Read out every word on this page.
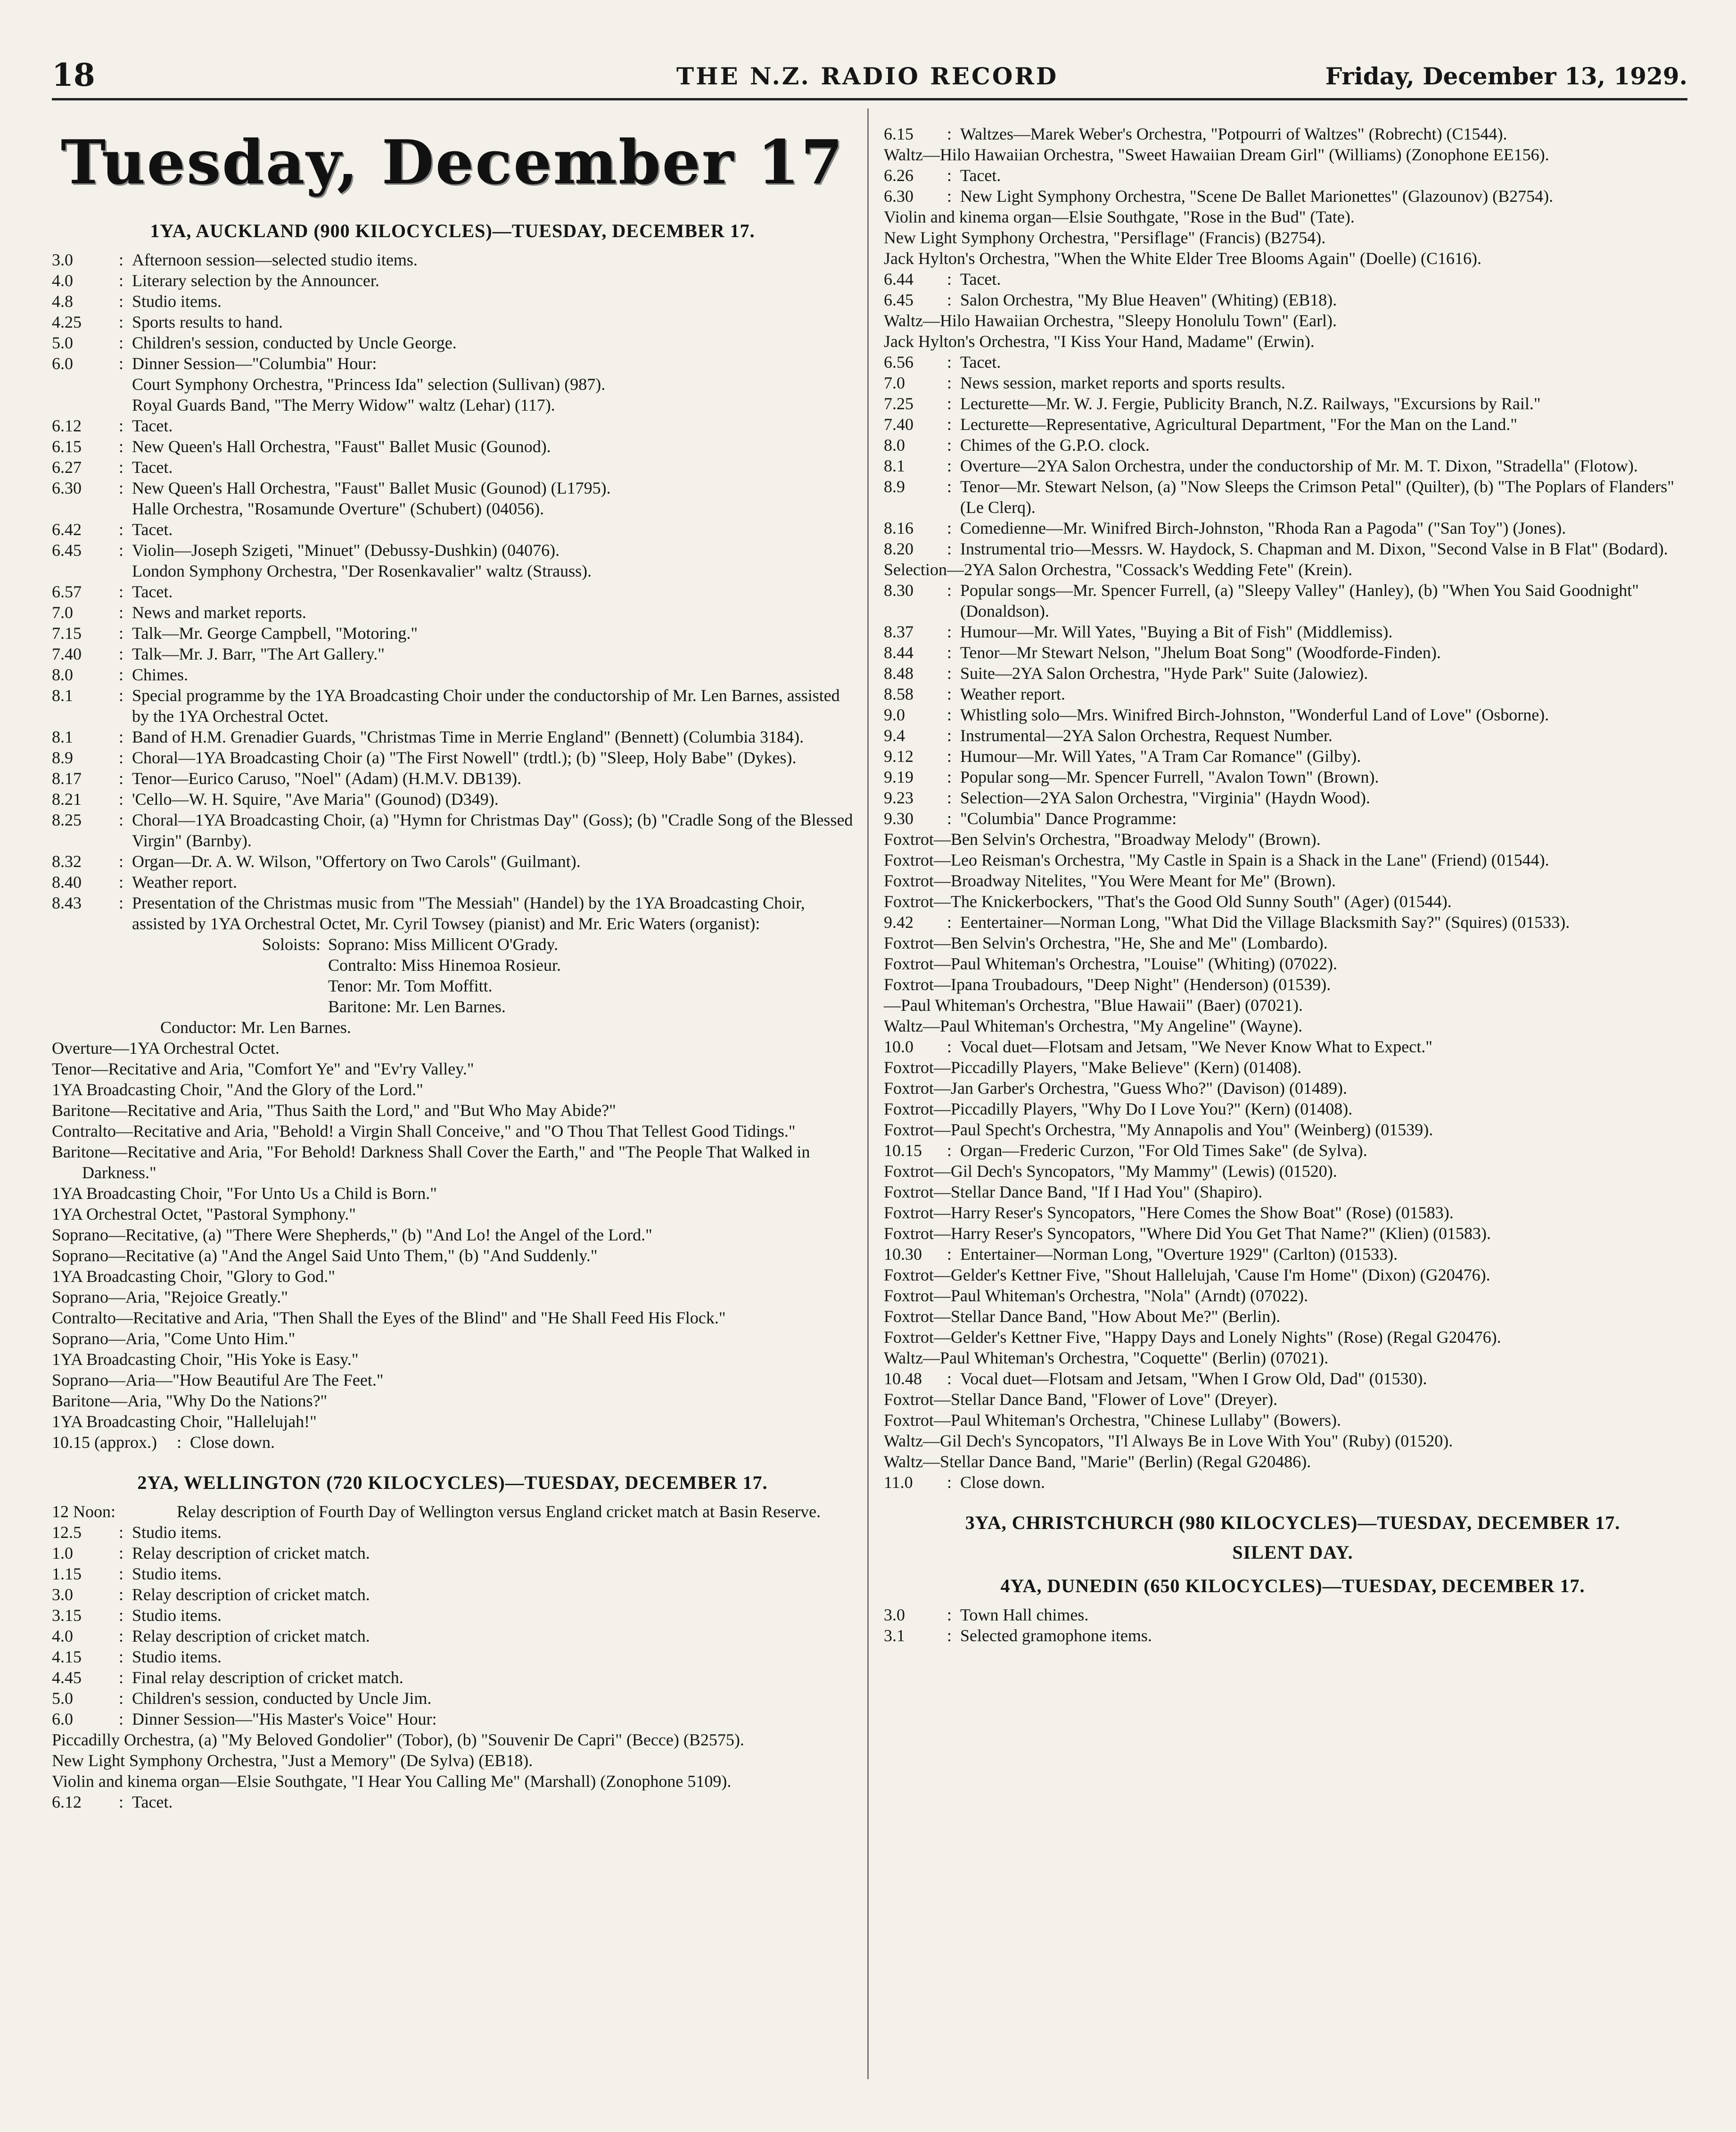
18	THE N.Z. RADIO RECORD	Friday, December 13, 1929.
Tuesday, December 17
1YA, AUCKLAND (900 KILOCYCLES)—TUESDAY, DECEMBER 17.
3.0	: Afternoon session—selected studio items.
4.0	: Literary selection by the Announcer.
4.8	: Studio items.
4.25	: Sports results to hand.
5.0	: Children's session, conducted by Uncle George.
6.0	: Dinner Session—"Columbia" Hour:
Court Symphony Orchestra, "Princess Ida" selection (Sullivan) (987).
Royal Guards Band, "The Merry Widow" waltz (Lehar) (117).
6.12	: Tacet.
6.15	: New Queen's Hall Orchestra, "Faust" Ballet Music (Gounod).
6.27	: Tacet.
6.30	: New Queen's Hall Orchestra, "Faust" Ballet Music (Gounod) (L1795).
Halle Orchestra, "Rosamunde Overture" (Schubert) (04056).
6.42	: Tacet.
6.45	: Violin—Joseph Szigeti, "Minuet" (Debussy-Dushkin) (04076).
London Symphony Orchestra, "Der Rosenkavalier" waltz (Strauss).
6.57	: Tacet.
7.0	: News and market reports.
7.15	: Talk—Mr. George Campbell, "Motoring."
7.40	: Talk—Mr. J. Barr, "The Art Gallery."
8.0	: Chimes.
8.1	: Special programme by the 1YA Broadcasting Choir under the conductorship of Mr. Len Barnes, assisted by the 1YA Orchestral Octet.
8.1	: Band of H.M. Grenadier Guards, "Christmas Time in Merrie England" (Bennett) (Columbia 3184).
8.9	: Choral—1YA Broadcasting Choir (a) "The First Nowell" (trdtl.); (b) "Sleep, Holy Babe" (Dykes).
8.17	: Tenor—Eurico Caruso, "Noel" (Adam) (H.M.V. DB139).
8.21	: 'Cello—W. H. Squire, "Ave Maria" (Gounod) (D349).
8.25	: Choral—1YA Broadcasting Choir, (a) "Hymn for Christmas Day" (Goss); (b) "Cradle Song of the Blessed Virgin" (Barnby).
8.32	: Organ—Dr. A. W. Wilson, "Offertory on Two Carols" (Guilmant).
8.40	: Weather report.
8.43	: Presentation of the Christmas music from "The Messiah" (Handel) by the 1YA Broadcasting Choir, assisted by 1YA Orchestral Octet, Mr. Cyril Towsey (pianist) and Mr. Eric Waters (organist):
Soloists: Soprano: Miss Millicent O'Grady.
Contralto: Miss Hinemoa Rosieur.
Tenor: Mr. Tom Moffitt.
Baritone: Mr. Len Barnes.
Conductor: Mr. Len Barnes.
Overture—1YA Orchestral Octet.
Tenor—Recitative and Aria, "Comfort Ye" and "Ev'ry Valley."
1YA Broadcasting Choir, "And the Glory of the Lord."
Baritone—Recitative and Aria, "Thus Saith the Lord," and "But Who May Abide?"
Contralto—Recitative and Aria, "Behold! a Virgin Shall Conceive," and "O Thou That Tellest Good Tidings."
Baritone—Recitative and Aria, "For Behold! Darkness Shall Cover the Earth," and "The People That Walked in Darkness."
1YA Broadcasting Choir, "For Unto Us a Child is Born."
1YA Orchestral Octet, "Pastoral Symphony."
Soprano—Recitative, (a) "There Were Shepherds," (b) "And Lo! the Angel of the Lord."
Soprano—Recitative (a) "And the Angel Said Unto Them," (b) "And Suddenly."
1YA Broadcasting Choir, "Glory to God."
Soprano—Aria, "Rejoice Greatly."
Contralto—Recitative and Aria, "Then Shall the Eyes of the Blind" and "He Shall Feed His Flock."
Soprano—Aria, "Come Unto Him."
1YA Broadcasting Choir, "His Yoke is Easy."
Soprano—Aria—"How Beautiful Are The Feet."
Baritone—Aria, "Why Do the Nations?"
1YA Broadcasting Choir, "Hallelujah!"
10.15 (approx.)	: Close down.
2YA, WELLINGTON (720 KILOCYCLES)—TUESDAY, DECEMBER 17.
12 Noon:	Relay description of Fourth Day of Wellington versus England cricket match at Basin Reserve.
12.5	: Studio items.
1.0	: Relay description of cricket match.
1.15	: Studio items.
3.0	: Relay description of cricket match.
3.15	: Studio items.
4.0	: Relay description of cricket match.
4.15	: Studio items.
4.45	: Final relay description of cricket match.
5.0	: Children's session, conducted by Uncle Jim.
6.0	: Dinner Session—"His Master's Voice" Hour:
Piccadilly Orchestra, (a) "My Beloved Gondolier" (Tobor), (b) "Souvenir De Capri" (Becce) (B2575).
New Light Symphony Orchestra, "Just a Memory" (De Sylva) (EB18).
Violin and kinema organ—Elsie Southgate, "I Hear You Calling Me" (Marshall) (Zonophone 5109).
6.12	: Tacet.
6.15	: Waltzes—Marek Weber's Orchestra, "Potpourri of Waltzes" (Robrecht) (C1544).
Waltz—Hilo Hawaiian Orchestra, "Sweet Hawaiian Dream Girl" (Williams) (Zonophone EE156).
6.26	: Tacet.
6.30	: New Light Symphony Orchestra, "Scene De Ballet Marionettes" (Glazounov) (B2754).
Violin and kinema organ—Elsie Southgate, "Rose in the Bud" (Tate).
New Light Symphony Orchestra, "Persiflage" (Francis) (B2754).
Jack Hylton's Orchestra, "When the White Elder Tree Blooms Again" (Doelle) (C1616).
6.44	: Tacet.
6.45	: Salon Orchestra, "My Blue Heaven" (Whiting) (EB18).
Waltz—Hilo Hawaiian Orchestra, "Sleepy Honolulu Town" (Earl).
Jack Hylton's Orchestra, "I Kiss Your Hand, Madame" (Erwin).
6.56	: Tacet.
7.0	: News session, market reports and sports results.
7.25	: Lecturette—Mr. W. J. Fergie, Publicity Branch, N.Z. Railways, "Excursions by Rail."
7.40	: Lecturette—Representative, Agricultural Department, "For the Man on the Land."
8.0	: Chimes of the G.P.O. clock.
8.1	: Overture—2YA Salon Orchestra, under the conductorship of Mr. M. T. Dixon, "Stradella" (Flotow).
8.9	: Tenor—Mr. Stewart Nelson, (a) "Now Sleeps the Crimson Petal" (Quilter), (b) "The Poplars of Flanders" (Le Clerq).
8.16	: Comedienne—Mr. Winifred Birch-Johnston, "Rhoda Ran a Pagoda" ("San Toy") (Jones).
8.20	: Instrumental trio—Messrs. W. Haydock, S. Chapman and M. Dixon, "Second Valse in B Flat" (Bodard).
Selection—2YA Salon Orchestra, "Cossack's Wedding Fete" (Krein).
8.30	: Popular songs—Mr. Spencer Furrell, (a) "Sleepy Valley" (Hanley), (b) "When You Said Goodnight" (Donaldson).
8.37	: Humour—Mr. Will Yates, "Buying a Bit of Fish" (Middlemiss).
8.44	: Tenor—Mr Stewart Nelson, "Jhelum Boat Song" (Woodforde-Finden).
8.48	: Suite—2YA Salon Orchestra, "Hyde Park" Suite (Jalowiez).
8.58	: Weather report.
9.0	: Whistling solo—Mrs. Winifred Birch-Johnston, "Wonderful Land of Love" (Osborne).
9.4	: Instrumental—2YA Salon Orchestra, Request Number.
9.12	: Humour—Mr. Will Yates, "A Tram Car Romance" (Gilby).
9.19	: Popular song—Mr. Spencer Furrell, "Avalon Town" (Brown).
9.23	: Selection—2YA Salon Orchestra, "Virginia" (Haydn Wood).
9.30	: "Columbia" Dance Programme:
Foxtrot—Ben Selvin's Orchestra, "Broadway Melody" (Brown).
Foxtrot—Leo Reisman's Orchestra, "My Castle in Spain is a Shack in the Lane" (Friend) (01544).
Foxtrot—Broadway Nitelites, "You Were Meant for Me" (Brown).
Foxtrot—The Knickerbockers, "That's the Good Old Sunny South" (Ager) (01544).
9.42	: Eentertainer—Norman Long, "What Did the Village Blacksmith Say?" (Squires) (01533).
Foxtrot—Ben Selvin's Orchestra, "He, She and Me" (Lombardo).
Foxtrot—Paul Whiteman's Orchestra, "Louise" (Whiting) (07022).
Foxtrot—Ipana Troubadours, "Deep Night" (Henderson) (01539).
—Paul Whiteman's Orchestra, "Blue Hawaii" (Baer) (07021).
Waltz—Paul Whiteman's Orchestra, "My Angeline" (Wayne).
10.0	: Vocal duet—Flotsam and Jetsam, "We Never Know What to Expect."
Foxtrot—Piccadilly Players, "Make Believe" (Kern) (01408).
Foxtrot—Jan Garber's Orchestra, "Guess Who?" (Davison) (01489).
Foxtrot—Piccadilly Players, "Why Do I Love You?" (Kern) (01408).
Foxtrot—Paul Specht's Orchestra, "My Annapolis and You" (Weinberg) (01539).
10.15	: Organ—Frederic Curzon, "For Old Times Sake" (de Sylva).
Foxtrot—Gil Dech's Syncopators, "My Mammy" (Lewis) (01520).
Foxtrot—Stellar Dance Band, "If I Had You" (Shapiro).
Foxtrot—Harry Reser's Syncopators, "Here Comes the Show Boat" (Rose) (01583).
Foxtrot—Harry Reser's Syncopators, "Where Did You Get That Name?" (Klien) (01583).
10.30	: Entertainer—Norman Long, "Overture 1929" (Carlton) (01533).
Foxtrot—Gelder's Kettner Five, "Shout Hallelujah, 'Cause I'm Home" (Dixon) (G20476).
Foxtrot—Paul Whiteman's Orchestra, "Nola" (Arndt) (07022).
Foxtrot—Stellar Dance Band, "How About Me?" (Berlin).
Foxtrot—Gelder's Kettner Five, "Happy Days and Lonely Nights" (Rose) (Regal G20476).
Waltz—Paul Whiteman's Orchestra, "Coquette" (Berlin) (07021).
10.48	: Vocal duet—Flotsam and Jetsam, "When I Grow Old, Dad" (01530).
Foxtrot—Stellar Dance Band, "Flower of Love" (Dreyer).
Foxtrot—Paul Whiteman's Orchestra, "Chinese Lullaby" (Bowers).
Waltz—Gil Dech's Syncopators, "I'l Always Be in Love With You" (Ruby) (01520).
Waltz—Stellar Dance Band, "Marie" (Berlin) (Regal G20486).
11.0	: Close down.
3YA, CHRISTCHURCH (980 KILOCYCLES)—TUESDAY, DECEMBER 17.
SILENT DAY.
4YA, DUNEDIN (650 KILOCYCLES)—TUESDAY, DECEMBER 17.
3.0	: Town Hall chimes.
3.1	: Selected gramophone items.
